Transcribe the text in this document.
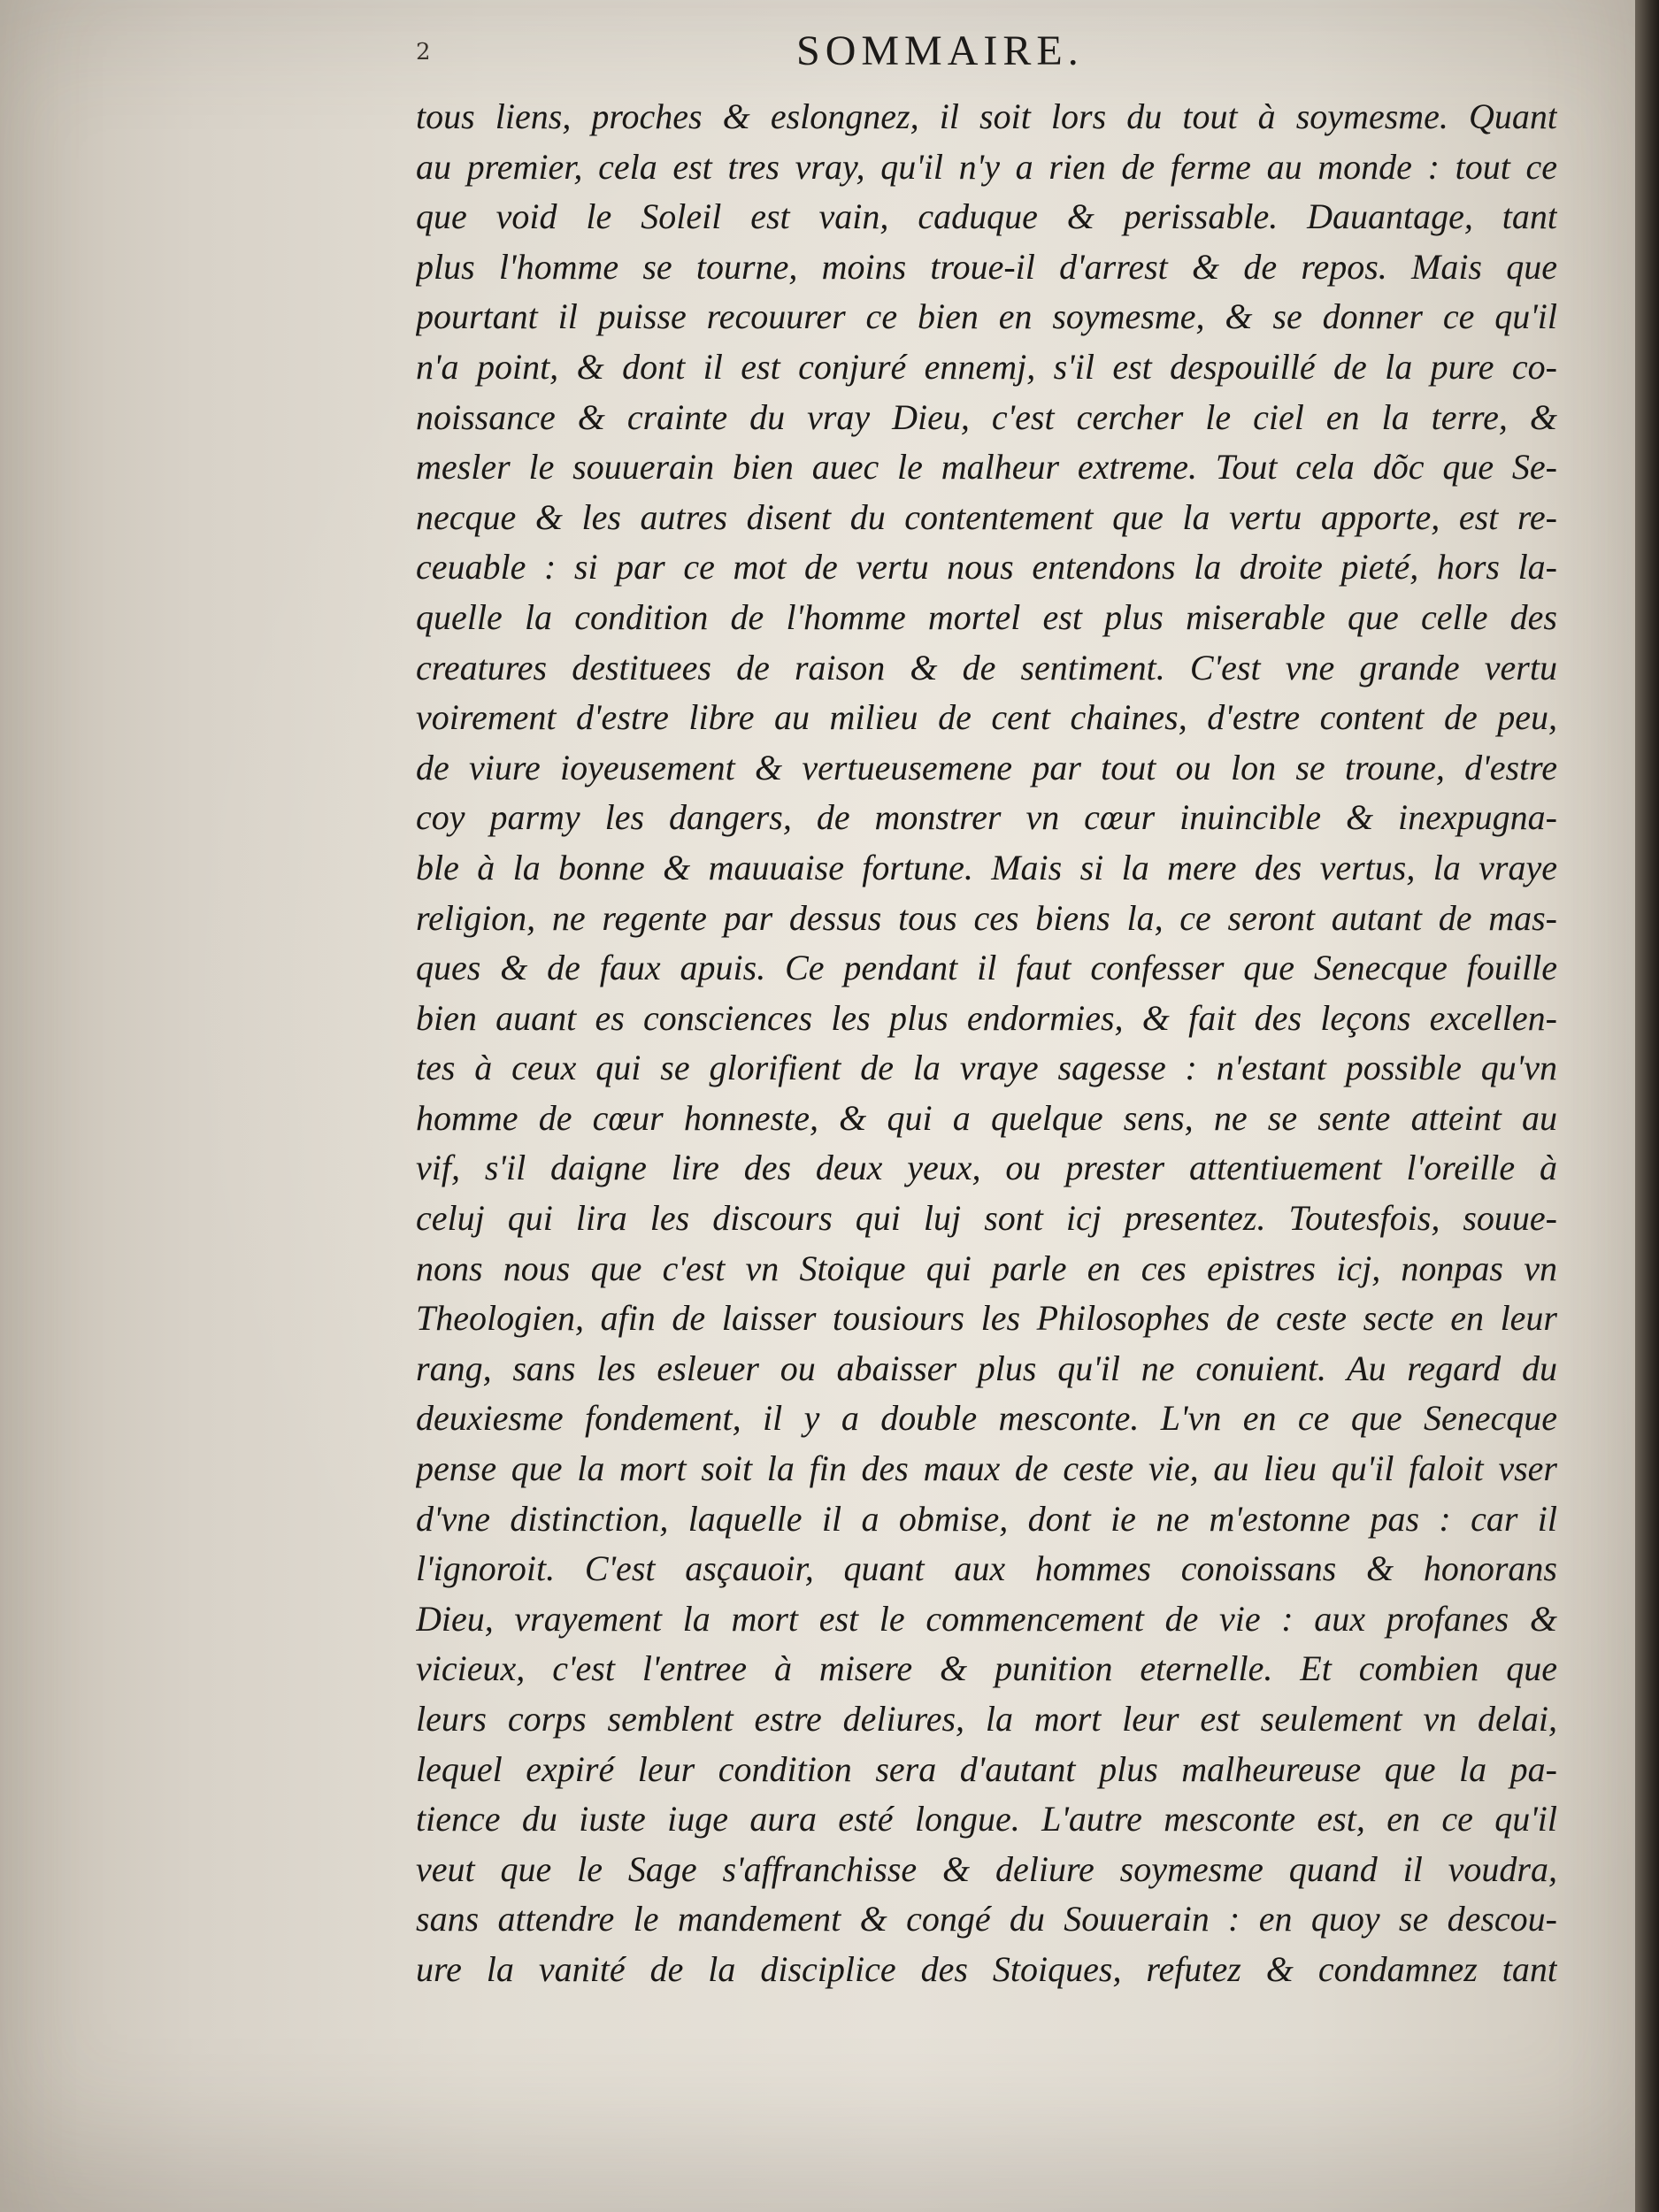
2	SOMMAIRE.
tous liens, proches & eslongnez, il soit lors du tout à soymesme. Quant
au premier, cela est tres vray, qu'il n'y a rien de ferme au monde : tout ce
que void le Soleil est vain, caduque & perissable. Dauantage, tant
plus l'homme se tourne, moins troue-il d'arrest & de repos. Mais que
pourtant il puisse recouurer ce bien en soymesme, & se donner ce qu'il
n'a point, & dont il est conjuré ennemj, s'il est despouillé de la pure co-
noissance & crainte du vray Dieu, c'est cercher le ciel en la terre, &
mesler le souuerain bien auec le malheur extreme. Tout cela dõc que Se-
necque & les autres disent du contentement que la vertu apporte, est re-
ceuable : si par ce mot de vertu nous entendons la droite pieté, hors la-
quelle la condition de l'homme mortel est plus miserable que celle des
creatures destituees de raison & de sentiment. C'est vne grande vertu
voirement d'estre libre au milieu de cent chaines, d'estre content de peu,
de viure ioyeusement & vertueusemene par tout ou lon se troune, d'estre
coy parmy les dangers, de monstrer vn cœur inuincible & inexpugna-
ble à la bonne & mauuaise fortune. Mais si la mere des vertus, la vraye
religion, ne regente par dessus tous ces biens la, ce seront autant de mas-
ques & de faux apuis. Ce pendant il faut confesser que Senecque fouille
bien auant es consciences les plus endormies, & fait des leçons excellen-
tes à ceux qui se glorifient de la vraye sagesse : n'estant possible qu'vn
homme de cœur honneste, & qui a quelque sens, ne se sente atteint au
vif, s'il daigne lire des deux yeux, ou prester attentiuement l'oreille à
celuj qui lira les discours qui luj sont icj presentez. Toutesfois, souue-
nons nous que c'est vn Stoique qui parle en ces epistres icj, nonpas vn
Theologien, afin de laisser tousiours les Philosophes de ceste secte en leur
rang, sans les esleuer ou abaisser plus qu'il ne conuient. Au regard du
deuxiesme fondement, il y a double mesconte. L'vn en ce que Senecque
pense que la mort soit la fin des maux de ceste vie, au lieu qu'il faloit vser
d'vne distinction, laquelle il a obmise, dont ie ne m'estonne pas : car il
l'ignoroit. C'est asçauoir, quant aux hommes conoissans & honorans
Dieu, vrayement la mort est le commencement de vie : aux profanes &
vicieux, c'est l'entree à misere & punition eternelle. Et combien que
leurs corps semblent estre deliures, la mort leur est seulement vn delai,
lequel expiré leur condition sera d'autant plus malheureuse que la pa-
tience du iuste iuge aura esté longue. L'autre mesconte est, en ce qu'il
veut que le Sage s'affranchisse & deliure soymesme quand il voudra,
sans attendre le mandement & congé du Souuerain : en quoy se descou-
ure la vanité de la disciplice des Stoiques, refutez & condamnez tant
